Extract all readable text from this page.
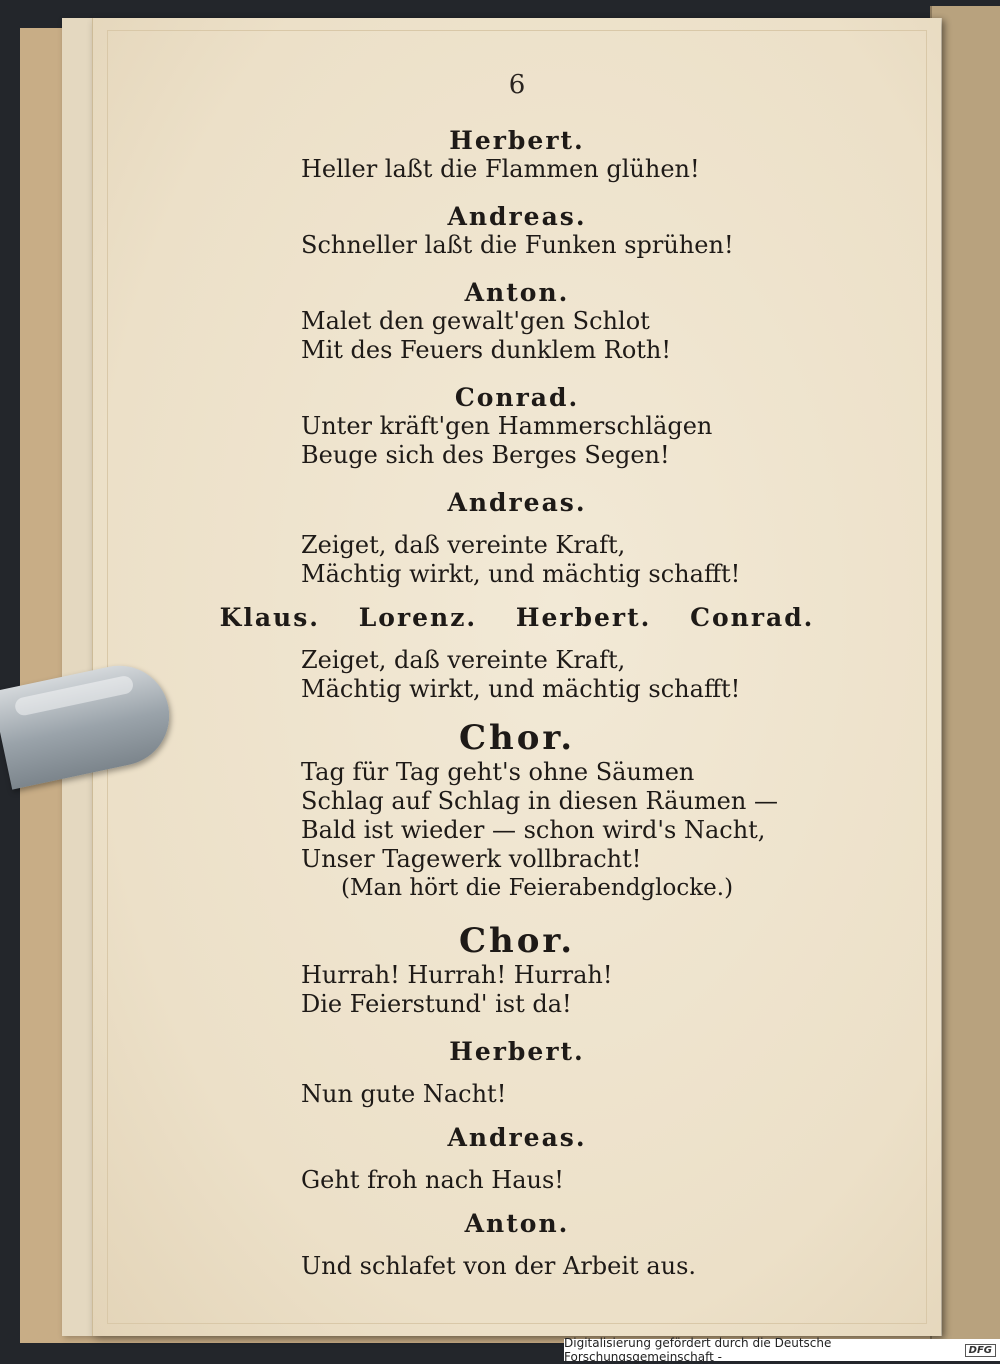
6

Herbert.

Heller laßt die Flammen glühen!

Andreas.

Schneller laßt die Funken sprühen!

Anton.

Malet den gewalt'gen Schlot

Mit des Feuers dunklem Roth!

Conrad.

Unter kräft'gen Hammerschlägen

Beuge sich des Berges Segen!

Andreas.

Zeiget, daß vereinte Kraft,

Mächtig wirkt, und mächtig schafft!

Klaus. Lorenz. Herbert. Conrad.

Zeiget, daß vereinte Kraft,

Mächtig wirkt, und mächtig schafft!

Chor.

Tag für Tag geht's ohne Säumen

Schlag auf Schlag in diesen Räumen —

Bald ist wieder — schon wird's Nacht,

Unser Tagewerk vollbracht!

(Man hört die Feierabendglocke.)

Chor.

Hurrah! Hurrah! Hurrah!

Die Feierstund' ist da!

Herbert.

Nun gute Nacht!

Andreas.

Geht froh nach Haus!

Anton.

Und schlafet von der Arbeit aus.

Digitalisierung gefördert durch die Deutsche Forschungsgemeinschaft -	DFG
